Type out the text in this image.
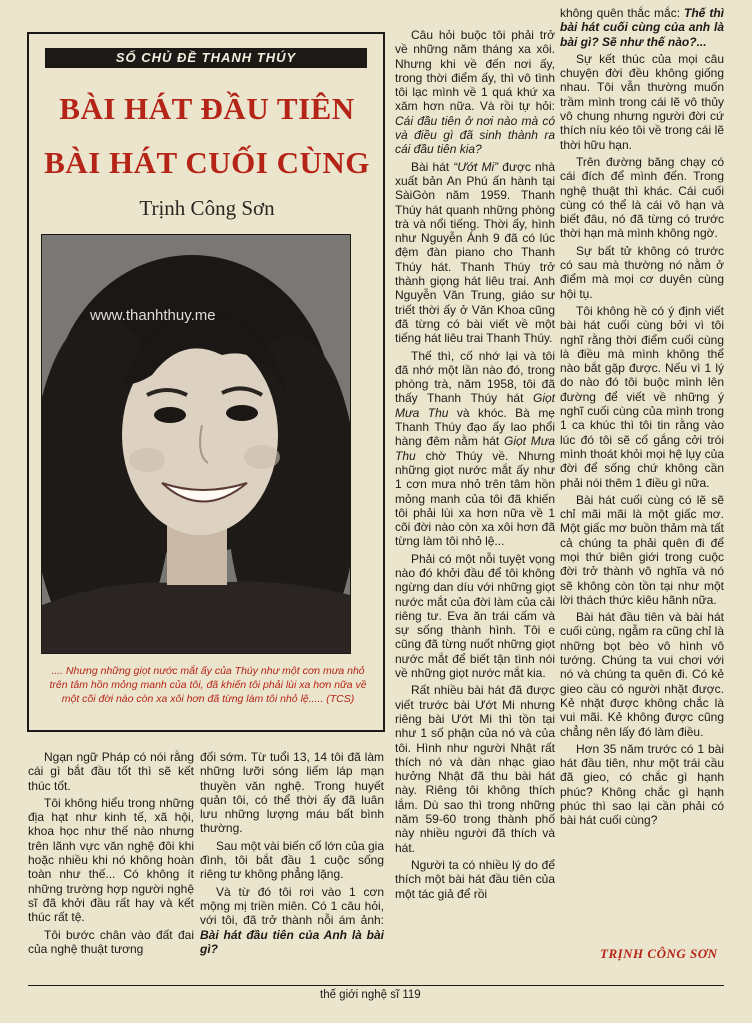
SỐ CHỦ ĐỀ THANH THÚY
BÀI HÁT ĐẦU TIÊN
BÀI HÁT CUỐI CÙNG
Trịnh Công Sơn
www.thanhthuy.me
.... Nhưng những giọt nước mắt ấy của Thúy như một cơn mưa nhỏ trên tâm hồn mỏng manh của tôi, đã khiến tôi phải lùi xa hơn nữa về một cõi đời nào còn xa xôi hơn đã từng làm tôi nhỏ lệ..... (TCS)

Ngạn ngữ Pháp có nói rằng cái gì bắt đầu tốt thì sẽ kết thúc tốt.

Tôi không hiểu trong những địa hạt như kinh tế, xã hội, khoa học như thế nào nhưng trên lãnh vực văn nghệ đôi khi hoặc nhiều khi nó không hoàn toàn như thế... Có không ít những trường hợp người nghệ sĩ đã khởi đầu rất hay và kết thúc rất tệ.

Tôi bước chân vào đất đai của nghệ thuật tương

đối sớm. Từ tuổi 13, 14 tôi đã làm những lưỡi sóng liếm láp mạn thuyền văn nghệ. Trong huyết quản tôi, có thể thời ấy đã luân lưu những lượng máu bất bình thường.

Sau một vài biến cố lớn của gia đình, tôi bắt đầu 1 cuộc sống riêng tư không phẳng lặng.

Và từ đó tôi rơi vào 1 cơn mộng mị triền miên. Có 1 câu hỏi, với tôi, đã trở thành nỗi ám ảnh: Bài hát đầu tiên của Anh là bài gì?

Câu hỏi buộc tôi phải trở về những năm tháng xa xôi. Nhưng khi về đến nơi ấy, trong thời điểm ấy, thì vô tình tôi lạc mình về 1 quá khứ xa xăm hơn nữa. Và rồi tự hỏi: Cái đầu tiên ở nơi nào mà có và điều gì đã sinh thành ra cái đầu tiên kia?

Bài hát “Ướt Mi” được nhà xuất bản An Phú ấn hành tại SàiGòn năm 1959. Thanh Thúy hát quanh những phòng trà và nổi tiếng. Thời ấy, hình như Nguyễn Ánh 9 đã có lúc đệm đàn piano cho Thanh Thúy hát. Thanh Thúy trở thành giọng hát liêu trai. Anh Nguyễn Văn Trung, giáo sư triết thời ấy ở Văn Khoa cũng đã từng có bài viết về một tiếng hát liêu trai Thanh Thúy.

Thế thì, cố nhớ lại và tôi đã nhớ một lần nào đó, trong phòng trà, năm 1958, tôi đã thấy Thanh Thúy hát Giọt Mưa Thu và khóc. Bà mẹ Thanh Thúy đạo ấy lao phổi hàng đêm nằm hát Giọt Mưa Thu chờ Thúy về. Nhưng những giọt nước mắt ấy như 1 cơn mưa nhỏ trên tâm hồn mỏng manh của tôi đã khiến tôi phải lùi xa hơn nữa về 1 cõi đời nào còn xa xôi hơn đã từng làm tôi nhỏ lệ...

Phải có một nỗi tuyệt vọng nào đó khởi đầu để tôi không ngừng dan díu với những giọt nước mắt của đời làm của cải riêng tư. Eva ăn trái cấm và sự sống thành hình. Tôi e cũng đã từng nuốt những giọt nước mắt để biết tận tình nói về những giọt nước mắt kia.

Rất nhiều bài hát đã được viết trước bài Ướt Mi nhưng riêng bài Ướt Mi thì tồn tại như 1 số phận của nó và của tôi. Hình như người Nhật rất thích nó và dàn nhạc giao hưởng Nhật đã thu bài hát này. Riêng tôi không thích lắm. Dù sao thì trong những năm 59-60 trong thành phố này nhiều người đã thích và hát.

Người ta có nhiều lý do để thích một bài hát đầu tiên của một tác giả để rồi

không quên thắc mắc: Thế thì bài hát cuối cùng của anh là bài gì? Sẽ như thế nào?...

Sự kết thúc của mọi câu chuyện đời đều không giống nhau. Tôi vẫn thường muốn trầm mình trong cái lẽ vô thủy vô chung nhưng người đời cứ thích níu kéo tôi về trong cái lẽ thời hữu hạn.

Trên đường băng chạy có cái đích để mình đến. Trong nghệ thuật thì khác. Cái cuối cùng có thể là cái vô hạn và biết đâu, nó đã từng có trước thời hạn mà mình không ngờ.

Sự bất tử không có trước có sau mà thường nó nằm ở điểm mà mọi cơ duyên cùng hội tụ.

Tôi không hề có ý định viết bài hát cuối cùng bởi vì tôi nghĩ rằng thời điểm cuối cùng là điều mà mình không thể nào bắt gặp được. Nếu vì 1 lý do nào đó tôi buộc mình lên đường để viết về những ý nghĩ cuối cùng của mình trong 1 ca khúc thì tôi tin rằng vào lúc đó tôi sẽ cố gắng cởi trói mình thoát khỏi mọi hệ lụy của đời để sống chứ không cần phải nói thêm 1 điều gì nữa.

Bài hát cuối cùng có lẽ sẽ chỉ mãi mãi là một giấc mơ. Một giấc mơ buồn thảm mà tất cả chúng ta phải quên đi để mọi thứ biên giới trong cuộc đời trở thành vô nghĩa và nó sẽ không còn tồn tại như một lời thách thức kiêu hãnh nữa.

Bài hát đầu tiên và bài hát cuối cùng, ngẫm ra cũng chỉ là những bọt bèo vô hình vô tướng. Chúng ta vui chơi với nó và chúng ta quên đi. Có kẻ gieo cầu có người nhặt được. Kẻ nhặt được không chắc là vui mãi. Kẻ không được cũng chẳng nên lấy đó làm điều.

Hơn 35 năm trước có 1 bài hát đầu tiên, như một trái cầu đã gieo, có chắc gì hạnh phúc? Không chắc gì hạnh phúc thì sao lại cần phải có bài hát cuối cùng?

TRỊNH CÔNG SƠN
thế giới nghệ sĩ 119
